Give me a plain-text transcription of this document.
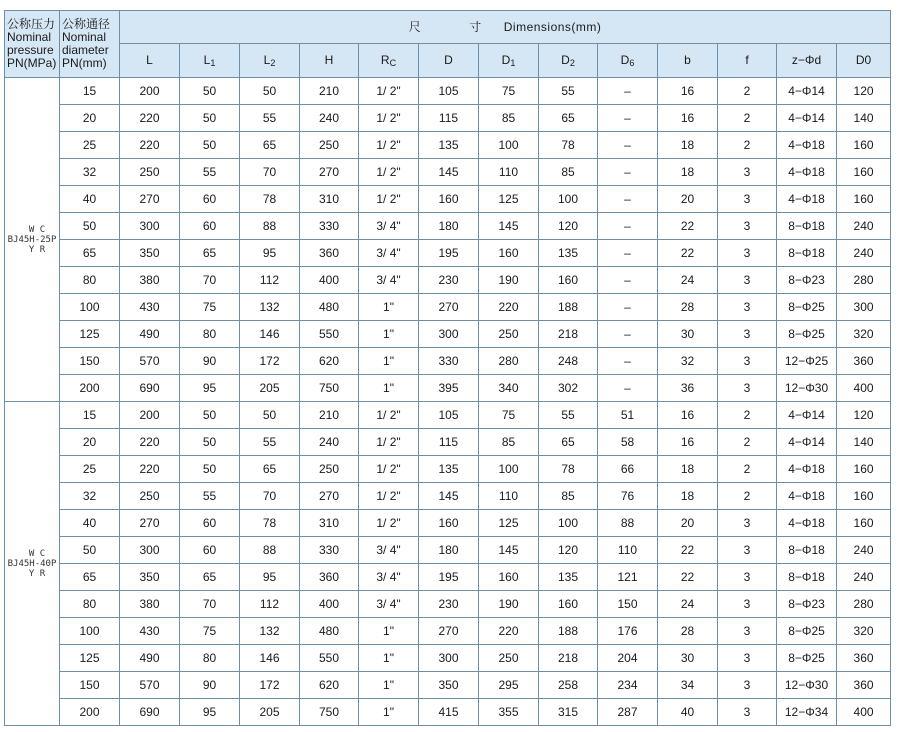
公称压力
Nominal
pressure
PN(MPa)	公称通径
Nominal
diameter
PN(mm)	尺 寸 Dimensions(mm)												
		L	L1	L2	H	RC	D	D1	D2	D6	b	f	z−Φd	D0

W C
BJ45H-25P
Y R	15	200	50	50	210	1/ 2"	105	75	55	–	16	2	4−Φ14	120
	20	220	50	55	240	1/ 2"	115	85	65	–	16	2	4−Φ14	140
	25	220	50	65	250	1/ 2"	135	100	78	–	18	2	4−Φ18	160
	32	250	55	70	270	1/ 2"	145	110	85	–	18	3	4−Φ18	160
	40	270	60	78	310	1/ 2"	160	125	100	–	20	3	4−Φ18	160
	50	300	60	88	330	3/ 4"	180	145	120	–	22	3	8−Φ18	240
	65	350	65	95	360	3/ 4"	195	160	135	–	22	3	8−Φ18	240
	80	380	70	112	400	3/ 4"	230	190	160	–	24	3	8−Φ23	280
	100	430	75	132	480	1"	270	220	188	–	28	3	8−Φ25	300
	125	490	80	146	550	1"	300	250	218	–	30	3	8−Φ25	320
	150	570	90	172	620	1"	330	280	248	–	32	3	12−Φ25	360
	200	690	95	205	750	1"	395	340	302	–	36	3	12−Φ30	400

W C
BJ45H-40P
Y R	15	200	50	50	210	1/ 2"	105	75	55	51	16	2	4−Φ14	120
	20	220	50	55	240	1/ 2"	115	85	65	58	16	2	4−Φ14	140
	25	220	50	65	250	1/ 2"	135	100	78	66	18	2	4−Φ18	160
	32	250	55	70	270	1/ 2"	145	110	85	76	18	2	4−Φ18	160
	40	270	60	78	310	1/ 2"	160	125	100	88	20	3	4−Φ18	160
	50	300	60	88	330	3/ 4"	180	145	120	110	22	3	8−Φ18	240
	65	350	65	95	360	3/ 4"	195	160	135	121	22	3	8−Φ18	240
	80	380	70	112	400	3/ 4"	230	190	160	150	24	3	8−Φ23	280
	100	430	75	132	480	1"	270	220	188	176	28	3	8−Φ25	320
	125	490	80	146	550	1"	300	250	218	204	30	3	8−Φ25	360
	150	570	90	172	620	1"	350	295	258	234	34	3	12−Φ30	360
	200	690	95	205	750	1"	415	355	315	287	40	3	12−Φ34	400
